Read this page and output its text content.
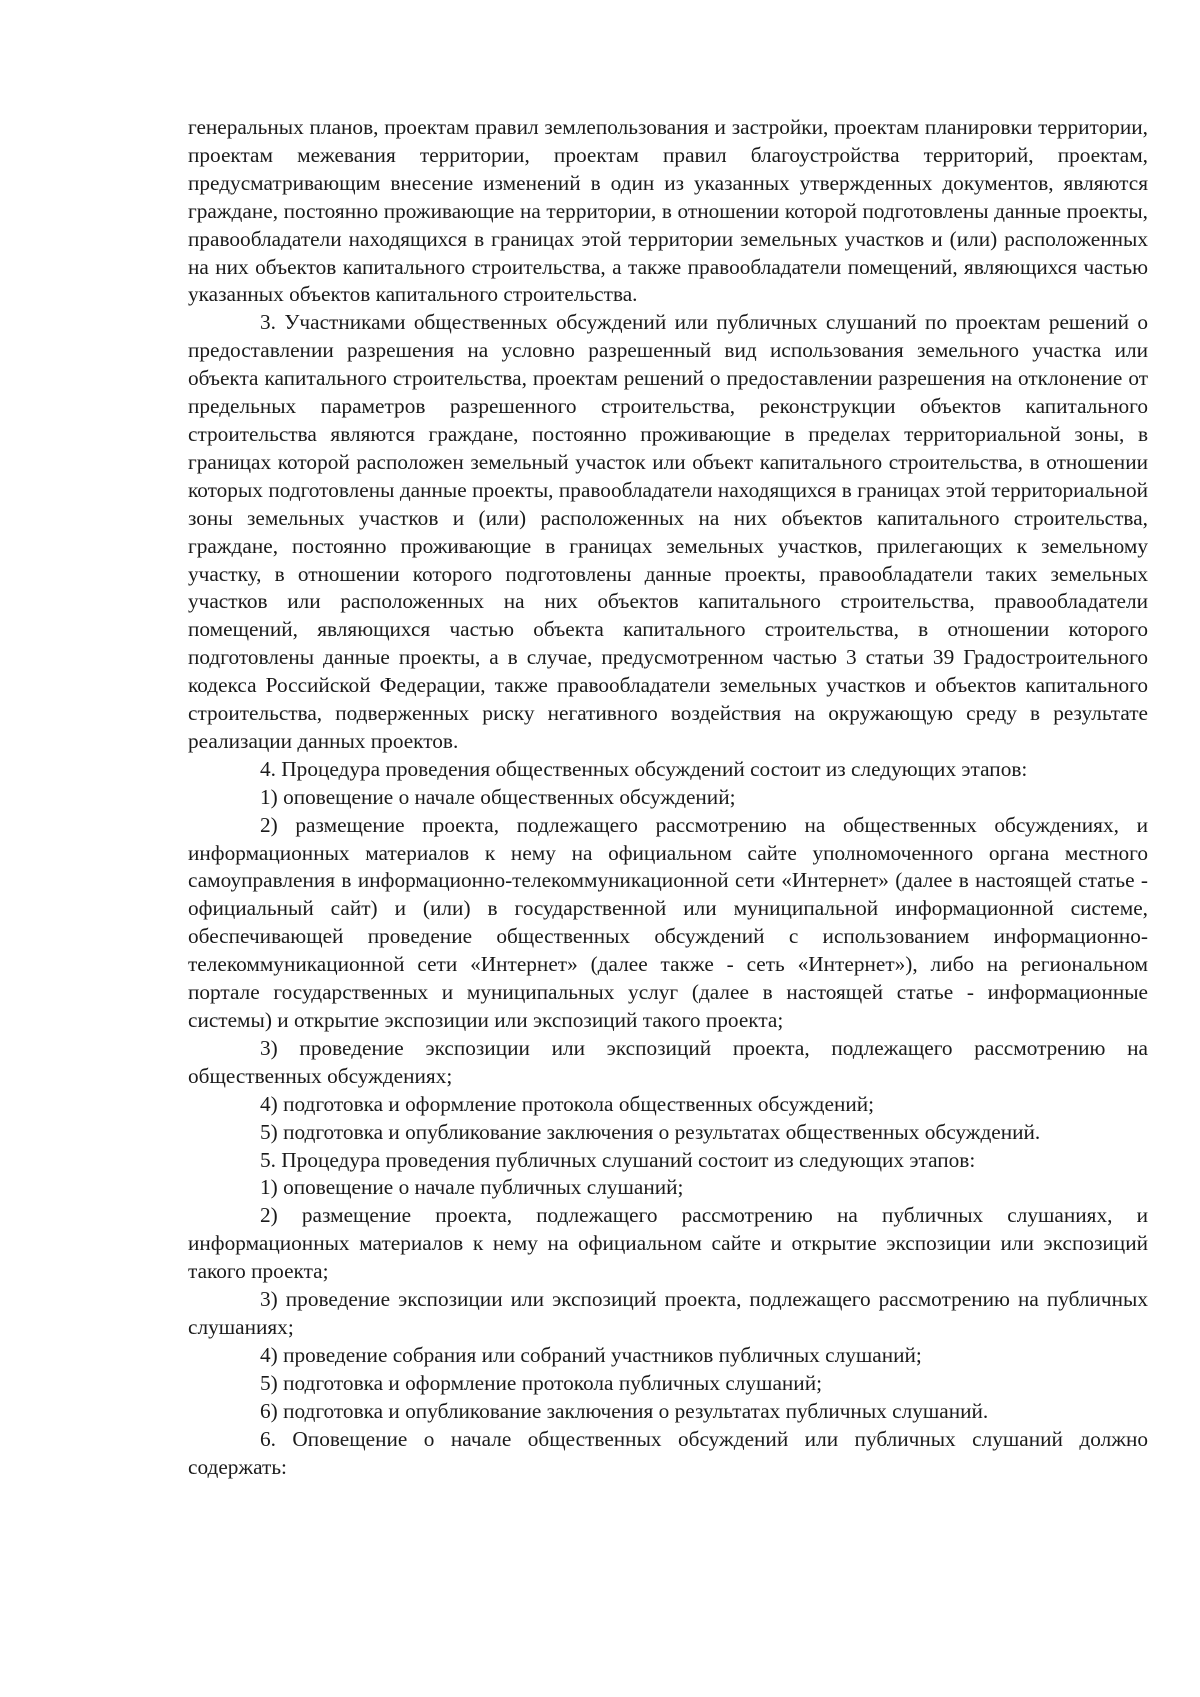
генеральных планов, проектам правил землепользования и застройки, проектам планировки территории, проектам межевания территории, проектам правил благоустройства территорий, проектам, предусматривающим внесение изменений в один из указанных утвержденных документов, являются граждане, постоянно проживающие на территории, в отношении которой подготовлены данные проекты, правообладатели находящихся в границах этой территории земельных участков и (или) расположенных на них объектов капитального строительства, а также правообладатели помещений, являющихся частью указанных объектов капитального строительства.

3. Участниками общественных обсуждений или публичных слушаний по проектам решений о предоставлении разрешения на условно разрешенный вид использования земельного участка или объекта капитального строительства, проектам решений о предоставлении разрешения на отклонение от предельных параметров разрешенного строительства, реконструкции объектов капитального строительства являются граждане, постоянно проживающие в пределах территориальной зоны, в границах которой расположен земельный участок или объект капитального строительства, в отношении которых подготовлены данные проекты, правообладатели находящихся в границах этой территориальной зоны земельных участков и (или) расположенных на них объектов капитального строительства, граждане, постоянно проживающие в границах земельных участков, прилегающих к земельному участку, в отношении которого подготовлены данные проекты, правообладатели таких земельных участков или расположенных на них объектов капитального строительства, правообладатели помещений, являющихся частью объекта капитального строительства, в отношении которого подготовлены данные проекты, а в случае, предусмотренном частью 3 статьи 39 Градостроительного кодекса Российской Федерации, также правообладатели земельных участков и объектов капитального строительства, подверженных риску негативного воздействия на окружающую среду в результате реализации данных проектов.

4. Процедура проведения общественных обсуждений состоит из следующих этапов:

1) оповещение о начале общественных обсуждений;

2) размещение проекта, подлежащего рассмотрению на общественных обсуждениях, и информационных материалов к нему на официальном сайте уполномоченного органа местного самоуправления в информационно-телекоммуникационной сети «Интернет» (далее в настоящей статье - официальный сайт) и (или) в государственной или муниципальной информационной системе, обеспечивающей проведение общественных обсуждений с использованием информационно-телекоммуникационной сети «Интернет» (далее также - сеть «Интернет»), либо на региональном портале государственных и муниципальных услуг (далее в настоящей статье - информационные системы) и открытие экспозиции или экспозиций такого проекта;

3) проведение экспозиции или экспозиций проекта, подлежащего рассмотрению на общественных обсуждениях;

4) подготовка и оформление протокола общественных обсуждений;

5) подготовка и опубликование заключения о результатах общественных обсуждений.

5. Процедура проведения публичных слушаний состоит из следующих этапов:

1) оповещение о начале публичных слушаний;

2) размещение проекта, подлежащего рассмотрению на публичных слушаниях, и информационных материалов к нему на официальном сайте и открытие экспозиции или экспозиций такого проекта;

3) проведение экспозиции или экспозиций проекта, подлежащего рассмотрению на публичных слушаниях;

4) проведение собрания или собраний участников публичных слушаний;

5) подготовка и оформление протокола публичных слушаний;

6) подготовка и опубликование заключения о результатах публичных слушаний.

6. Оповещение о начале общественных обсуждений или публичных слушаний должно содержать:
